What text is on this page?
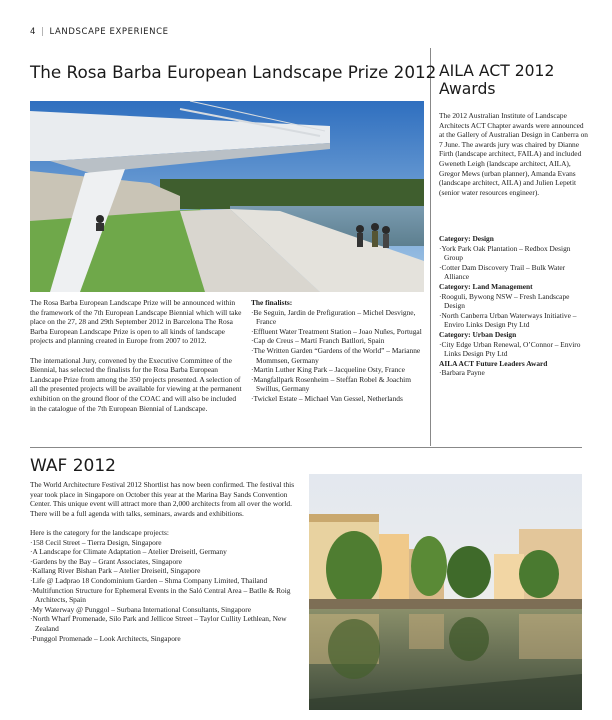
4 | LANDSCAPE EXPERIENCE
The Rosa Barba European Landscape Prize 2012

The Rosa Barba European Landscape Prize will be announced within the framework of the 7th European Landscape Biennial which will take place on the 27, 28 and 29th September 2012 in Barcelona The Rosa Barba European Landscape Prize is open to all kinds of landscape projects and planning created in Europe from 2007 to 2012.

The international Jury, convened by the Executive Committee of the Biennial, has selected the finalists for the Rosa Barba European Landscape Prize from among the 350 projects presented. A selection of all the presented projects will be available for viewing at the permanent exhibition on the ground floor of the COAC and will also be included in the catalogue of the 7th European Biennial of Landscape.

The finalists:
·Be Seguin, Jardin de Prefiguration – Michel Desvigne, France
·Effluent Water Treatment Station – Joao Nuñes, Portugal
·Cap de Creus – Martí Franch Batllori, Spain
·The Written Garden “Gardens of the World” – Marianne Mommsen, Germany
·Martin Luther King Park – Jacqueline Osty, France
·Mangfallpark Rosenheim – Steffan Robel & Joachim Swillus, Germany
·Twickel Estate – Michael Van Gessel, Netherlands
AILA ACT 2012 Awards
The 2012 Australian Institute of Landscape Architects ACT Chapter awards were announced at the Gallery of Australian Design in Canberra on 7 June. The awards jury was chaired by Dianne Firth (landscape architect, FAILA) and included Gweneth Leigh (landscape architect, AILA), Gregor Mews (urban planner), Amanda Evans (landscape architect, AILA) and Julien Lepetit (senior water resources engineer).
Category: Design
·York Park Oak Plantation – Redbox Design Group
·Cotter Dam Discovery Trail – Bulk Water Alliance
Category: Land Management
·Rooguli, Bywong NSW – Fresh Landscape Design
·North Canberra Urban Waterways Initiative – Enviro Links Design Pty Ltd
Category: Urban Design
·City Edge Urban Renewal, O’Connor – Enviro Links Design Pty Ltd
AILA ACT Future Leaders Award
·Barbara Payne
WAF 2012

The World Architecture Festival 2012 Shortlist has now been confirmed. The festival this year took place in Singapore on October this year at the Marina Bay Sands Convention Center. This unique event will attract more than 2,000 architects from all over the world. There will be a full agenda with talks, seminars, awards and exhibitions.

Here is the category for the landscape projects:
·158 Cecil Street – Tierra Design, Singapore
·A Landscape for Climate Adaptation – Atelier Dreiseitl, Germany
·Gardens by the Bay – Grant Associates, Singapore
·Kallang River Bishan Park – Atelier Dreiseitl, Singapore
·Life @ Ladprao 18 Condominium Garden – Shma Company Limited, Thailand
·Multifunction Structure for Ephemeral Events in the Saló Central Area – Batlle & Roig Architects, Spain
·My Waterway @ Punggol – Surbana International Consultants, Singapore
·North Wharf Promenade, Silo Park and Jellicoe Street – Taylor Cullity Lethlean, New Zealand
·Punggol Promenade – Look Architects, Singapore
